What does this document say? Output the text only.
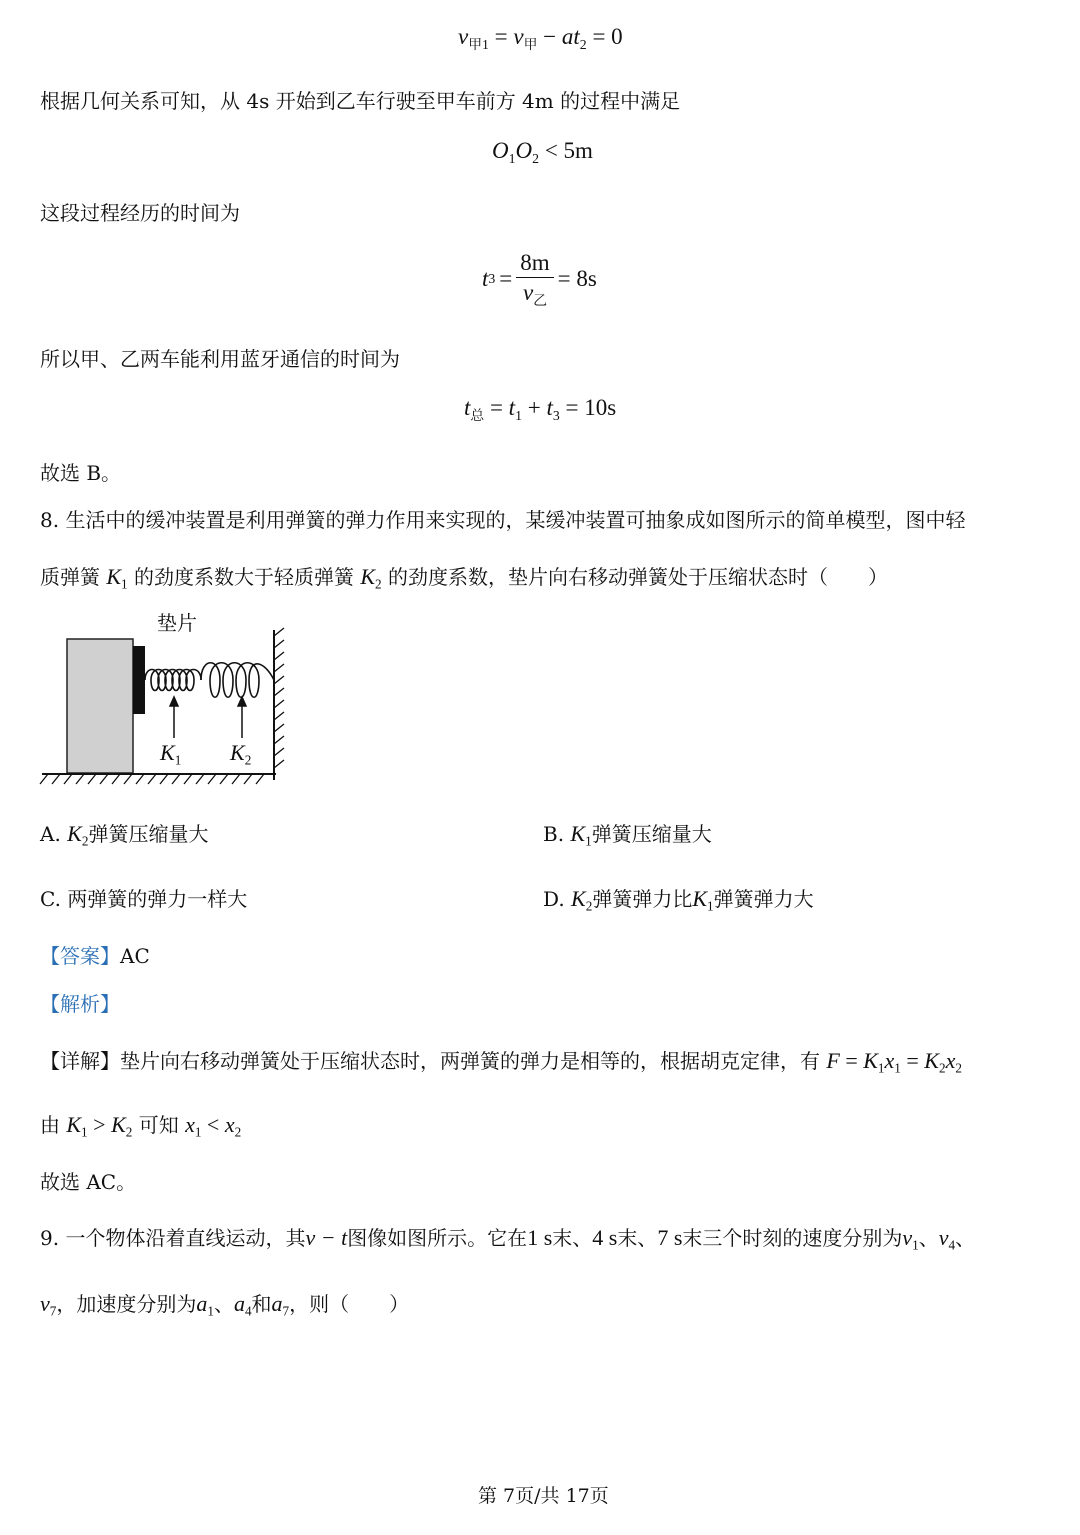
$v_{甲1} = v_甲 - at_2 = 0$
根据几何关系可知，从 4s 开始到乙车行驶至甲车前方 4m 的过程中满足
$O_1O_2 < 5m$
这段过程经历的时间为
t $3 = \frac{8m}{v_乙} = 8s$
所以甲、乙两车能利用蓝牙通信的时间为
$t_总 = t_1 + t_3 = 10s$
故选 B。
8. 生活中的缓冲装置是利用弹簧的弹力作用来实现的，某缓冲装置可抽象成如图所示的简单模型，图中轻
质弹簧 $K_1$ 的劲度系数大于轻质弹簧 $K_2$ 的劲度系数，垫片向右移动弹簧处于压缩状态时（　　）
垫片
$K_1$ $K_2$
A. $K_2$弹簧压缩量大	B. $K_1$弹簧压缩量大
C. 两弹簧的弹力一样大	D. $K_2$弹簧弹力比$K_1$弹簧弹力大
【答案】AC
【解析】
【详解】垫片向右移动弹簧处于压缩状态时，两弹簧的弹力是相等的，根据胡克定律，有 $F = K_1x_1 = K_2x_2$
由 $K_1 > K_2$ 可知 $x_1 < x_2$
故选 AC。
9. 一个物体沿着直线运动，其v − t图像如图所示。它在1 s末、4 s末、7 s末三个时刻的速度分别为$v_1$、$v_4$、
$v_7$，加速度分别为$a_1$、$a_4$和$a_7$，则（　　）
第 7页/共 17页
